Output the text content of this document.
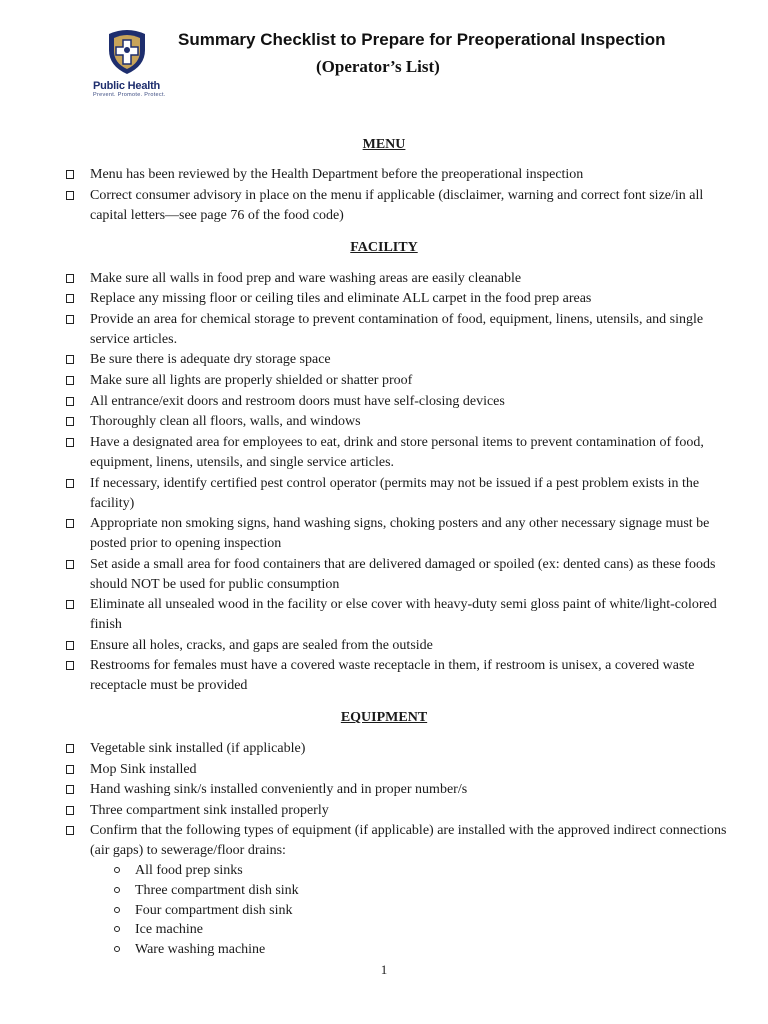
Public Health
Prevent. Promote. Protect.
Summary Checklist to Prepare for Preoperational Inspection
(Operator’s List)
MENU
Menu has been reviewed by the Health Department before the preoperational inspection
Correct consumer advisory in place on the menu if applicable (disclaimer, warning and correct font size/in all capital letters—see page 76 of the food code)
FACILITY
Make sure all walls in food prep and ware washing areas are easily cleanable
Replace any missing floor or ceiling tiles and eliminate ALL carpet in the food prep areas
Provide an area for chemical storage to prevent contamination of food, equipment, linens, utensils, and single service articles.
Be sure there is adequate dry storage space
Make sure all lights are properly shielded or shatter proof
All entrance/exit doors and restroom doors must have self-closing devices
Thoroughly clean all floors, walls, and windows
Have a designated area for employees to eat, drink and store personal items to prevent contamination of food, equipment, linens, utensils, and single service articles.
If necessary, identify certified pest control operator (permits may not be issued if a pest problem exists in the facility)
Appropriate non smoking signs, hand washing signs, choking posters and any other necessary signage must be posted prior to opening inspection
Set aside a small area for food containers that are delivered damaged or spoiled (ex: dented cans) as these foods should NOT be used for public consumption
Eliminate all unsealed wood in the facility or else cover with heavy-duty semi gloss paint of white/light-colored finish
Ensure all holes, cracks, and gaps are sealed from the outside
Restrooms for females must have a covered waste receptacle in them, if restroom is unisex, a covered waste receptacle must be provided
EQUIPMENT
Vegetable sink installed (if applicable)
Mop Sink installed
Hand washing sink/s installed conveniently and in proper number/s
Three compartment sink installed properly
Confirm that the following types of equipment (if applicable) are installed with the approved indirect connections (air gaps) to sewerage/floor drains:
All food prep sinks
Three compartment dish sink
Four compartment dish sink
Ice machine
Ware washing machine
1
